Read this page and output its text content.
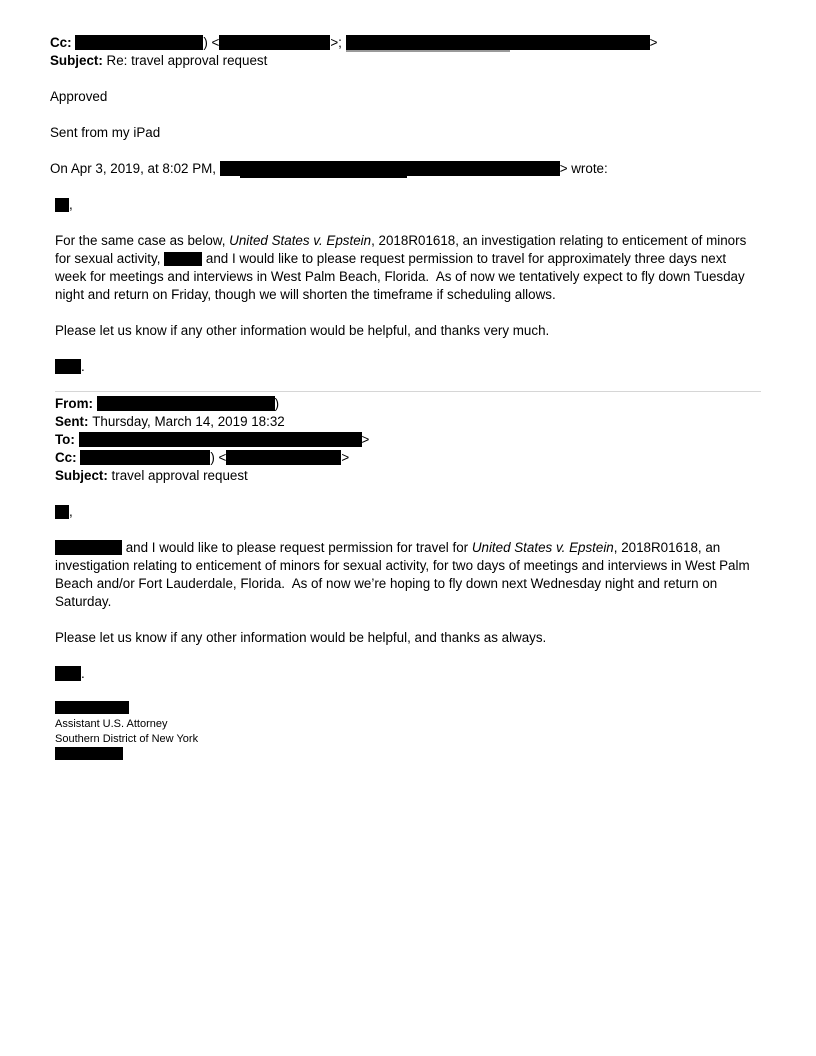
Cc:	) <	>;	>
Subject: Re: travel approval request
Approved
Sent from my iPad
On Apr 3, 2019, at 8:02 PM,	> wrote:
,
For the same case as below, United States v. Epstein, 2018R01618, an investigation relating to enticement of minors for sexual activity,	and I would like to please request permission to travel for approximately three days next week for meetings and interviews in West Palm Beach, Florida.  As of now we tentatively expect to fly down Tuesday night and return on Friday, though we will shorten the timeframe if scheduling allows.
Please let us know if any other information would be helpful, and thanks very much.
.
From:	)
Sent: Thursday, March 14, 2019 18:32
To:	>
Cc:	) <	>
Subject: travel approval request
,
and I would like to please request permission for travel for United States v. Epstein, 2018R01618, an investigation relating to enticement of minors for sexual activity, for two days of meetings and interviews in West Palm Beach and/or Fort Lauderdale, Florida.  As of now we’re hoping to fly down next Wednesday night and return on Saturday.
Please let us know if any other information would be helpful, and thanks as always.
.
Assistant U.S. Attorney
Southern District of New York
